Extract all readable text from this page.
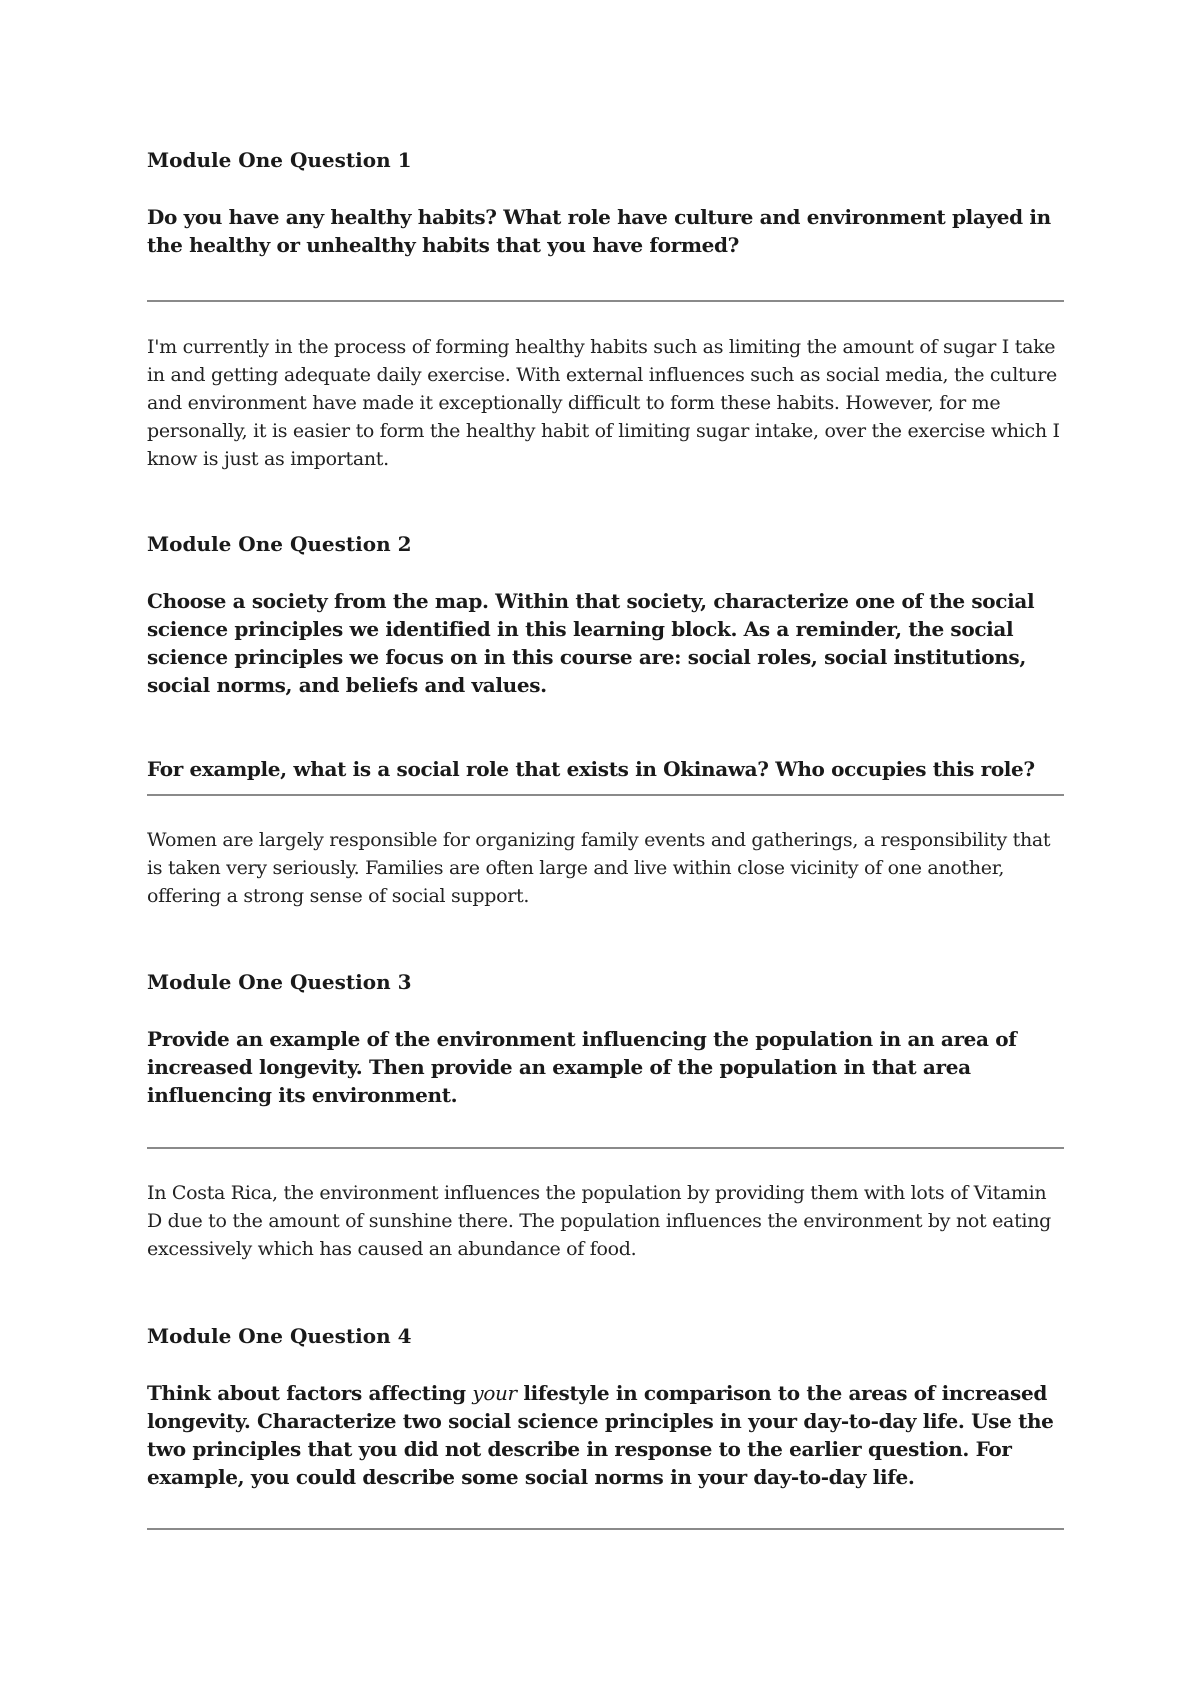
Module One Question 1

Do you have any healthy habits? What role have culture and environment played in the healthy or unhealthy habits that you have formed?

I'm currently in the process of forming healthy habits such as limiting the amount of sugar I take in and getting adequate daily exercise. With external influences such as social media, the culture and environment have made it exceptionally difficult to form these habits. However, for me personally, it is easier to form the healthy habit of limiting sugar intake, over the exercise which I know is just as important.

Module One Question 2

Choose a society from the map. Within that society, characterize one of the social science principles we identified in this learning block. As a reminder, the social science principles we focus on in this course are: social roles, social institutions, social norms, and beliefs and values.

For example, what is a social role that exists in Okinawa? Who occupies this role?

Women are largely responsible for organizing family events and gatherings, a responsibility that is taken very seriously. Families are often large and live within close vicinity of one another, offering a strong sense of social support.

Module One Question 3

Provide an example of the environment influencing the population in an area of increased longevity. Then provide an example of the population in that area influencing its environment.

In Costa Rica, the environment influences the population by providing them with lots of Vitamin D due to the amount of sunshine there. The population influences the environment by not eating excessively which has caused an abundance of food.

Module One Question 4

Think about factors affecting your lifestyle in comparison to the areas of increased longevity. Characterize two social science principles in your day-to-day life. Use the two principles that you did not describe in response to the earlier question. For example, you could describe some social norms in your day-to-day life.
